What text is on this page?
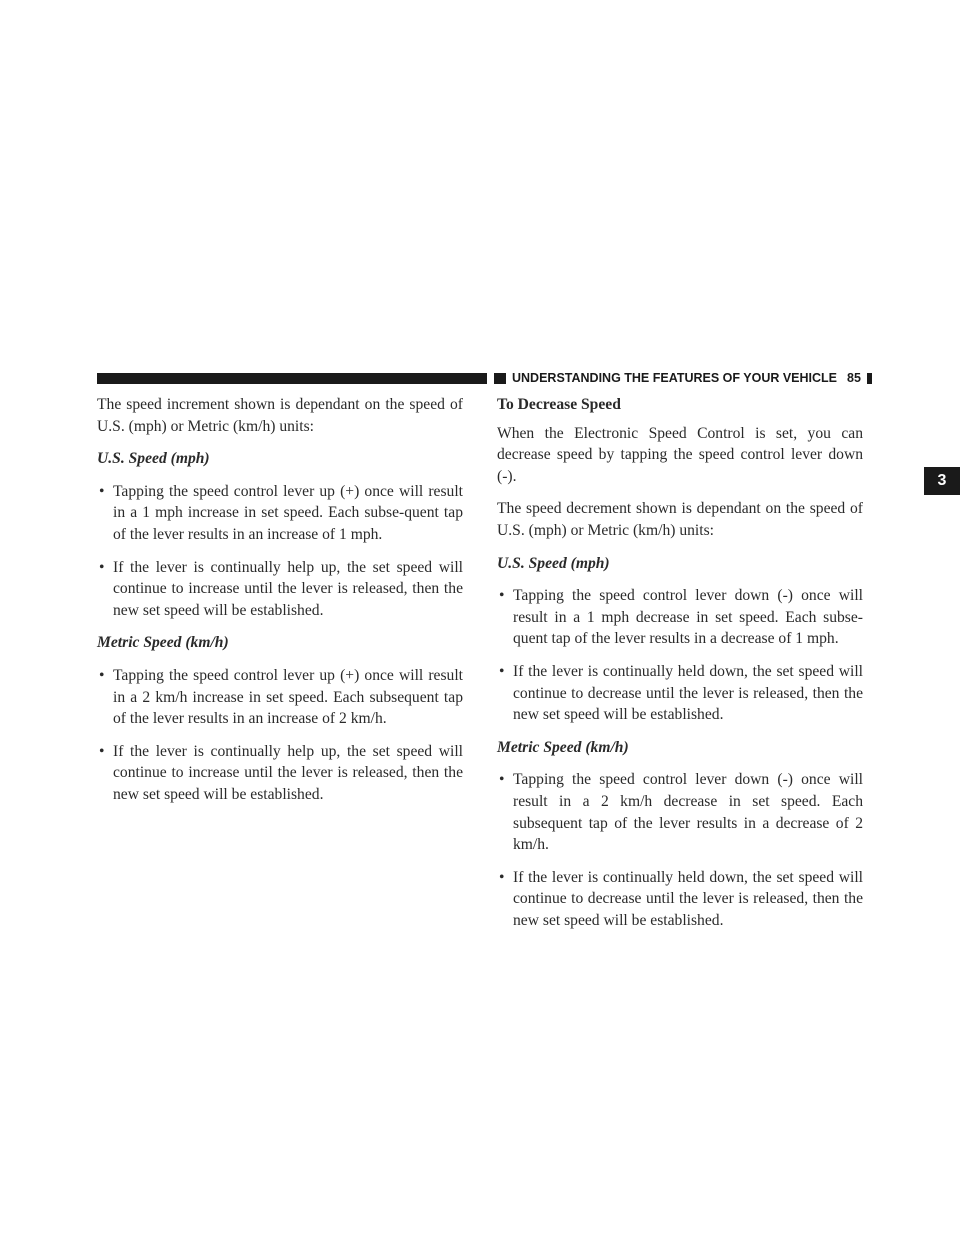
UNDERSTANDING THE FEATURES OF YOUR VEHICLE 85
3

The speed increment shown is dependant on the speed of U.S. (mph) or Metric (km/h) units:

U.S. Speed (mph)
• Tapping the speed control lever up (+) once will result in a 1 mph increase in set speed. Each subse-quent tap of the lever results in an increase of 1 mph.
• If the lever is continually help up, the set speed will continue to increase until the lever is released, then the new set speed will be established.
Metric Speed (km/h)
• Tapping the speed control lever up (+) once will result in a 2 km/h increase in set speed. Each subsequent tap of the lever results in an increase of 2 km/h.
• If the lever is continually help up, the set speed will continue to increase until the lever is released, then the new set speed will be established.
To Decrease Speed

When the Electronic Speed Control is set, you can decrease speed by tapping the speed control lever down (-).

The speed decrement shown is dependant on the speed of U.S. (mph) or Metric (km/h) units:

U.S. Speed (mph)
• Tapping the speed control lever down (-) once will result in a 1 mph decrease in set speed. Each subse-quent tap of the lever results in a decrease of 1 mph.
• If the lever is continually held down, the set speed will continue to decrease until the lever is released, then the new set speed will be established.
Metric Speed (km/h)
• Tapping the speed control lever down (-) once will result in a 2 km/h decrease in set speed. Each subsequent tap of the lever results in a decrease of 2 km/h.
• If the lever is continually held down, the set speed will continue to decrease until the lever is released, then the new set speed will be established.
